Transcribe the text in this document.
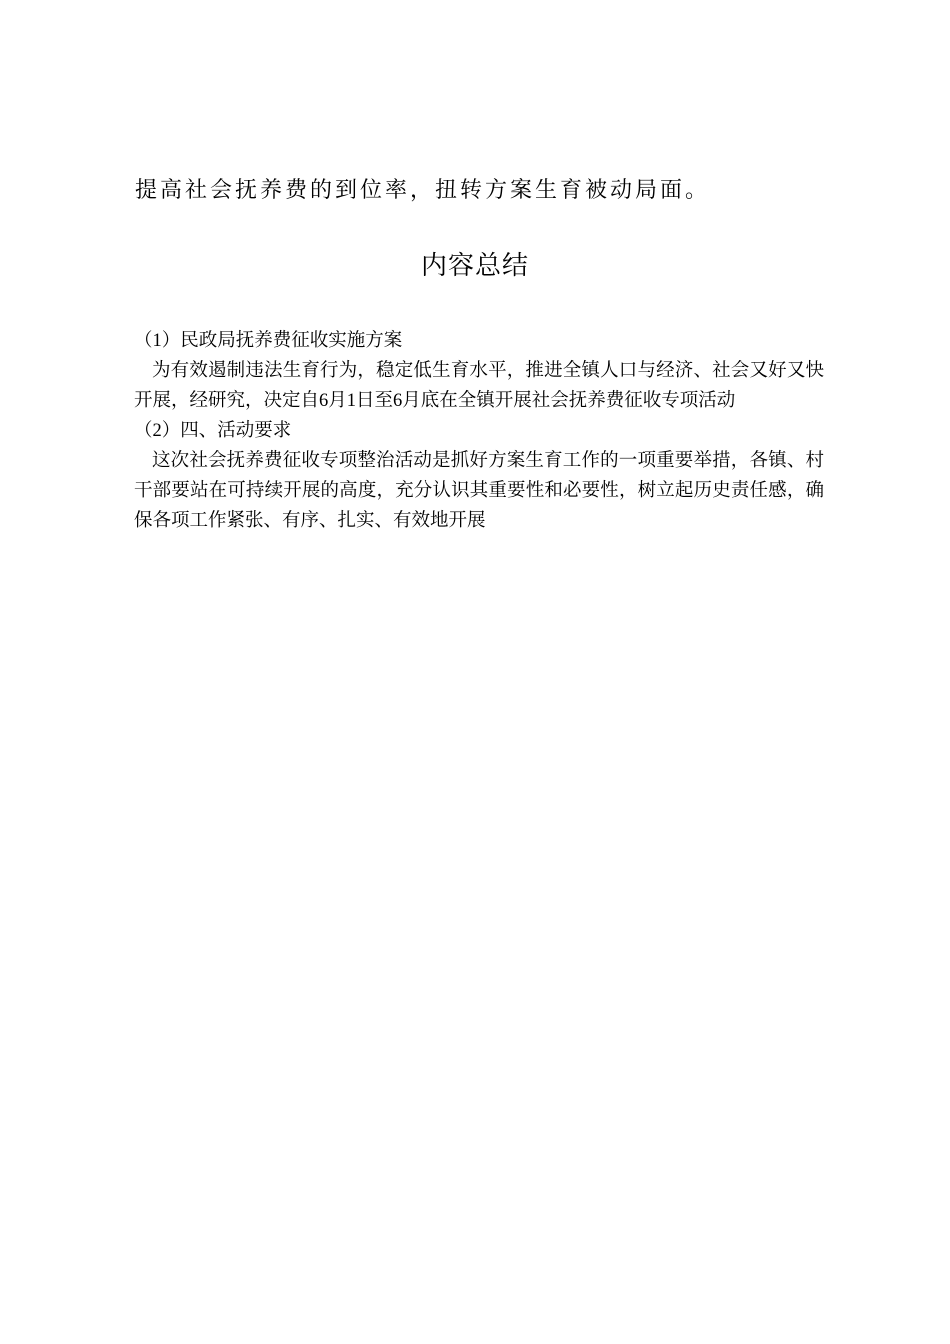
提高社会抚养费的到位率，扭转方案生育被动局面。
内容总结

（1）民政局抚养费征收实施方案

为有效遏制违法生育行为，稳定低生育水平，推进全镇人口与经济、社会又好又快开展，经研究，决定自6月1日至6月底在全镇开展社会抚养费征收专项活动

（2）四、活动要求

这次社会抚养费征收专项整治活动是抓好方案生育工作的一项重要举措，各镇、村干部要站在可持续开展的高度，充分认识其重要性和必要性，树立起历史责任感，确保各项工作紧张、有序、扎实、有效地开展
